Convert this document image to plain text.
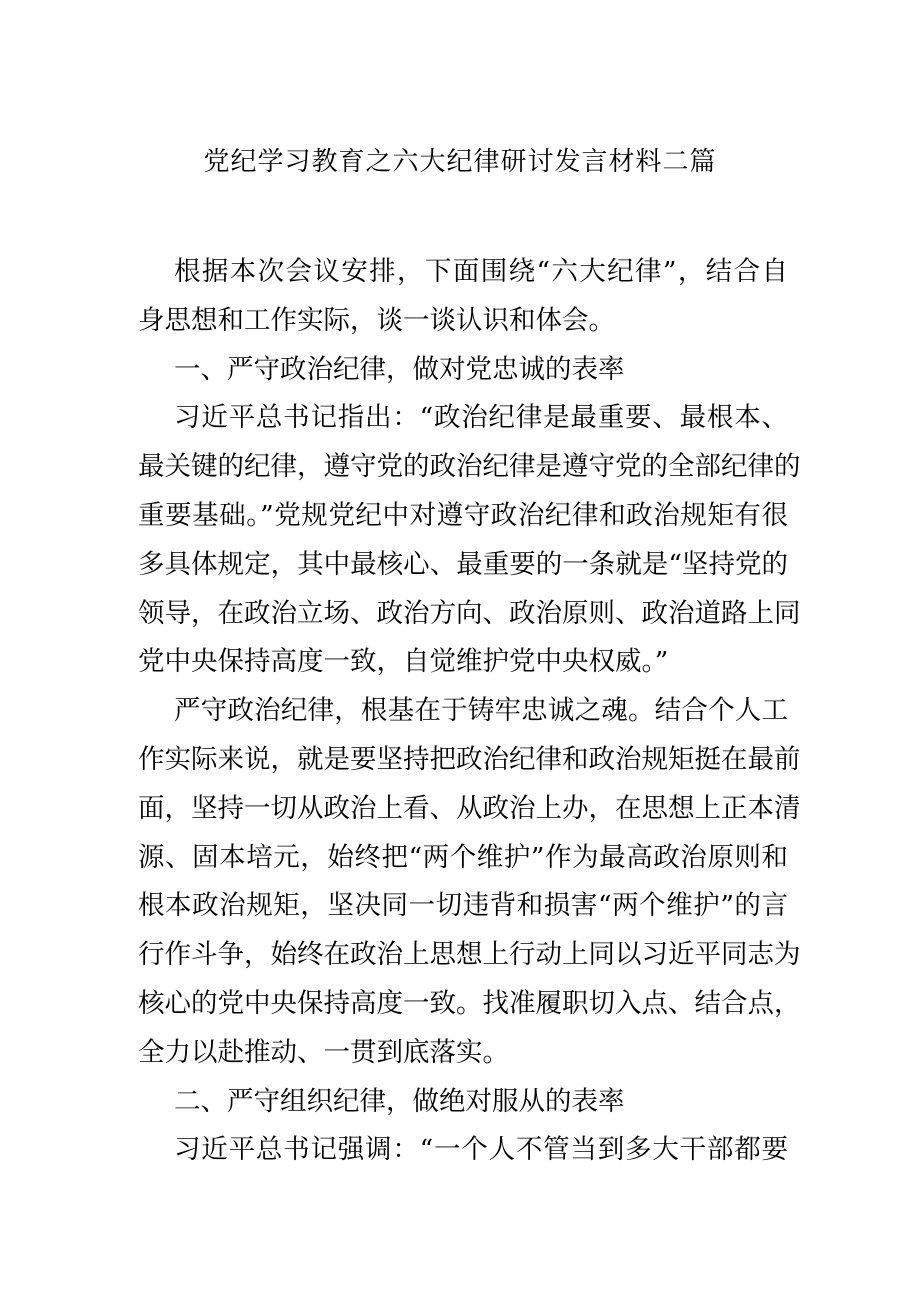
党纪学习教育之六大纪律研讨发言材料二篇
根据本次会议安排，下面围绕“六大纪律”，结合自
身思想和工作实际，谈一谈认识和体会。
一、严守政治纪律，做对党忠诚的表率
习近平总书记指出：“政治纪律是最重要、最根本、
最关键的纪律，遵守党的政治纪律是遵守党的全部纪律的
重要基础。”党规党纪中对遵守政治纪律和政治规矩有很
多具体规定，其中最核心、最重要的一条就是“坚持党的
领导，在政治立场、政治方向、政治原则、政治道路上同
党中央保持高度一致，自觉维护党中央权威。”
严守政治纪律，根基在于铸牢忠诚之魂。结合个人工
作实际来说，就是要坚持把政治纪律和政治规矩挺在最前
面，坚持一切从政治上看、从政治上办，在思想上正本清
源、固本培元，始终把“两个维护”作为最高政治原则和
根本政治规矩，坚决同一切违背和损害“两个维护”的言
行作斗争，始终在政治上思想上行动上同以习近平同志为
核心的党中央保持高度一致。找准履职切入点、结合点，
全力以赴推动、一贯到底落实。
二、严守组织纪律，做绝对服从的表率
习近平总书记强调：“一个人不管当到多大干部都要
